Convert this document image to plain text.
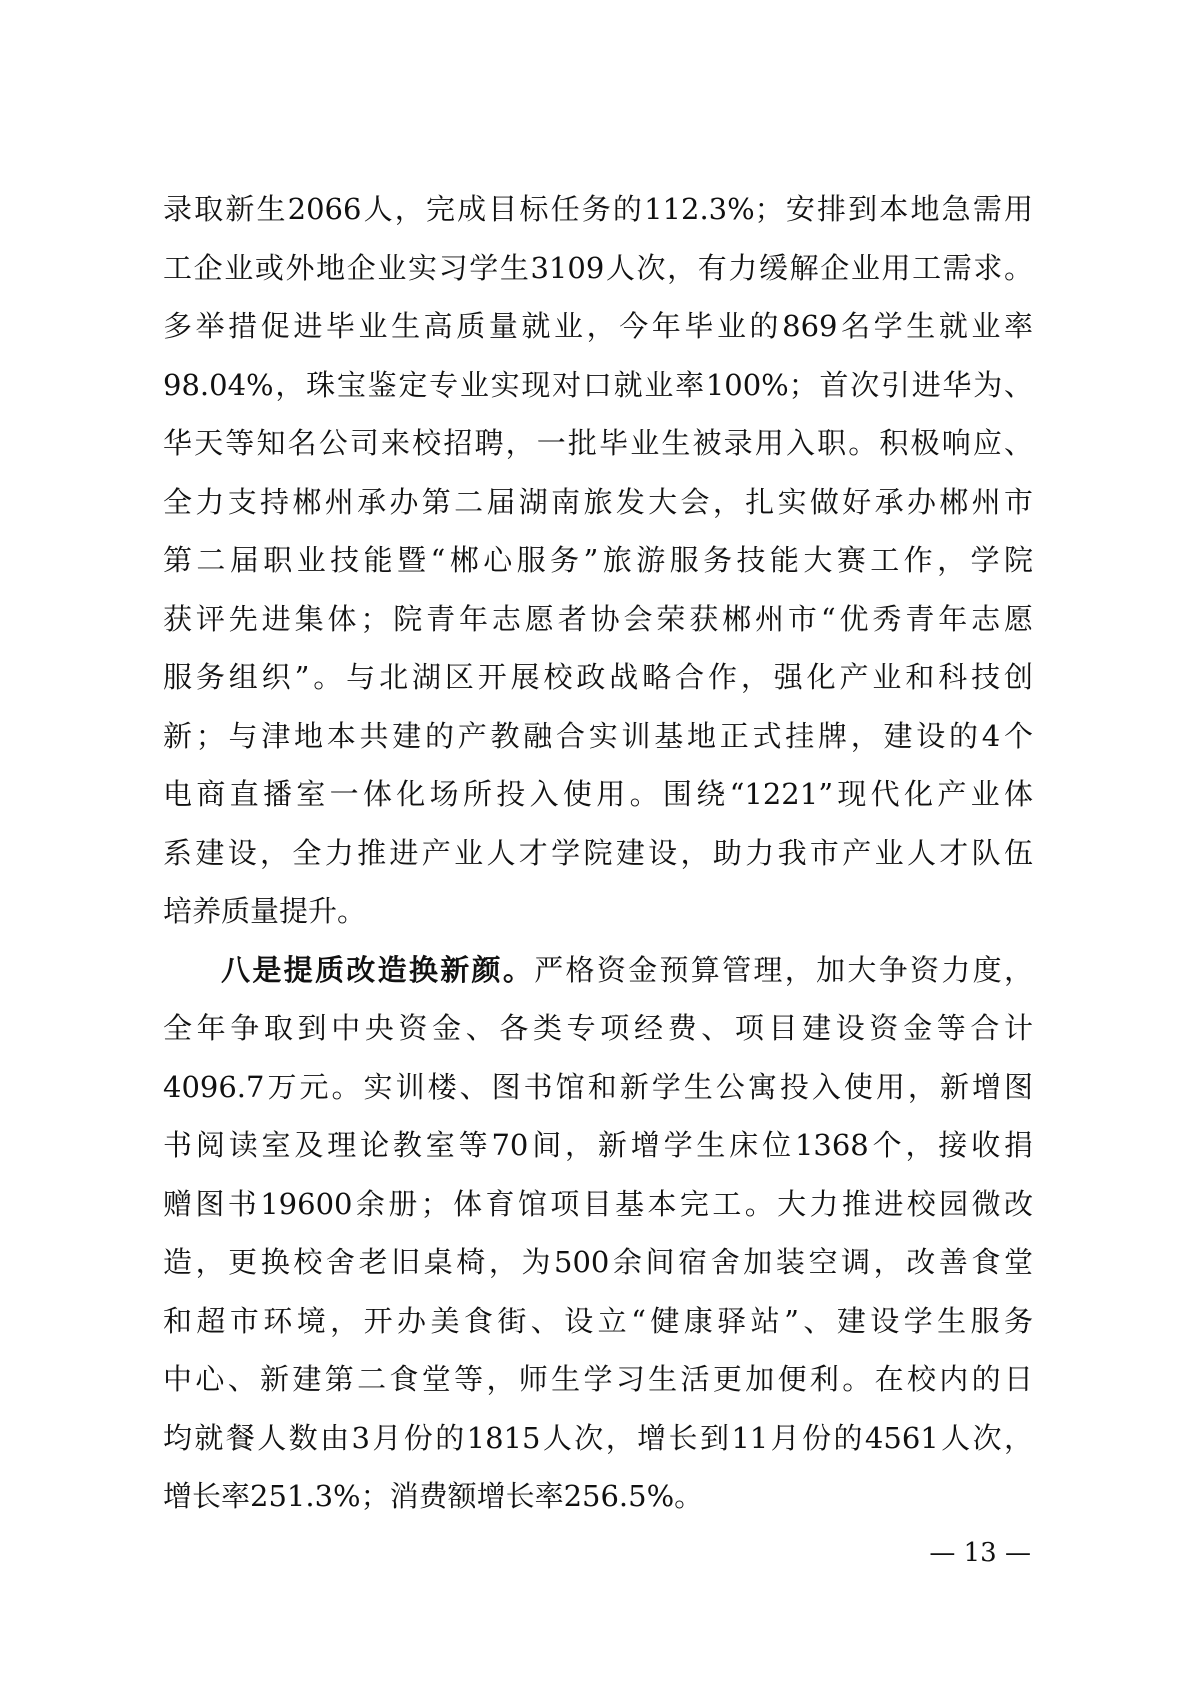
录取新生2066人，完成目标任务的112.3%；安排到本地急需用
工企业或外地企业实习学生3109人次，有力缓解企业用工需求。
多举措促进毕业生高质量就业，今年毕业的869名学生就业率
98.04%，珠宝鉴定专业实现对口就业率100%；首次引进华为、
华天等知名公司来校招聘，一批毕业生被录用入职。积极响应、
全力支持郴州承办第二届湖南旅发大会，扎实做好承办郴州市
第二届职业技能暨“郴心服务”旅游服务技能大赛工作，学院
获评先进集体；院青年志愿者协会荣获郴州市“优秀青年志愿
服务组织”。与北湖区开展校政战略合作，强化产业和科技创
新；与津地本共建的产教融合实训基地正式挂牌，建设的4个
电商直播室一体化场所投入使用。围绕“1221”现代化产业体
系建设，全力推进产业人才学院建设，助力我市产业人才队伍
培养质量提升。
八是提质改造换新颜。严格资金预算管理，加大争资力度，
全年争取到中央资金、各类专项经费、项目建设资金等合计
4096.7万元。实训楼、图书馆和新学生公寓投入使用，新增图
书阅读室及理论教室等70间，新增学生床位1368个，接收捐
赠图书19600余册；体育馆项目基本完工。大力推进校园微改
造，更换校舍老旧桌椅，为500余间宿舍加装空调，改善食堂
和超市环境，开办美食街、设立“健康驿站”、建设学生服务
中心、新建第二食堂等，师生学习生活更加便利。在校内的日
均就餐人数由3月份的1815人次，增长到11月份的4561人次，
增长率251.3%；消费额增长率256.5%。
— 13 —
